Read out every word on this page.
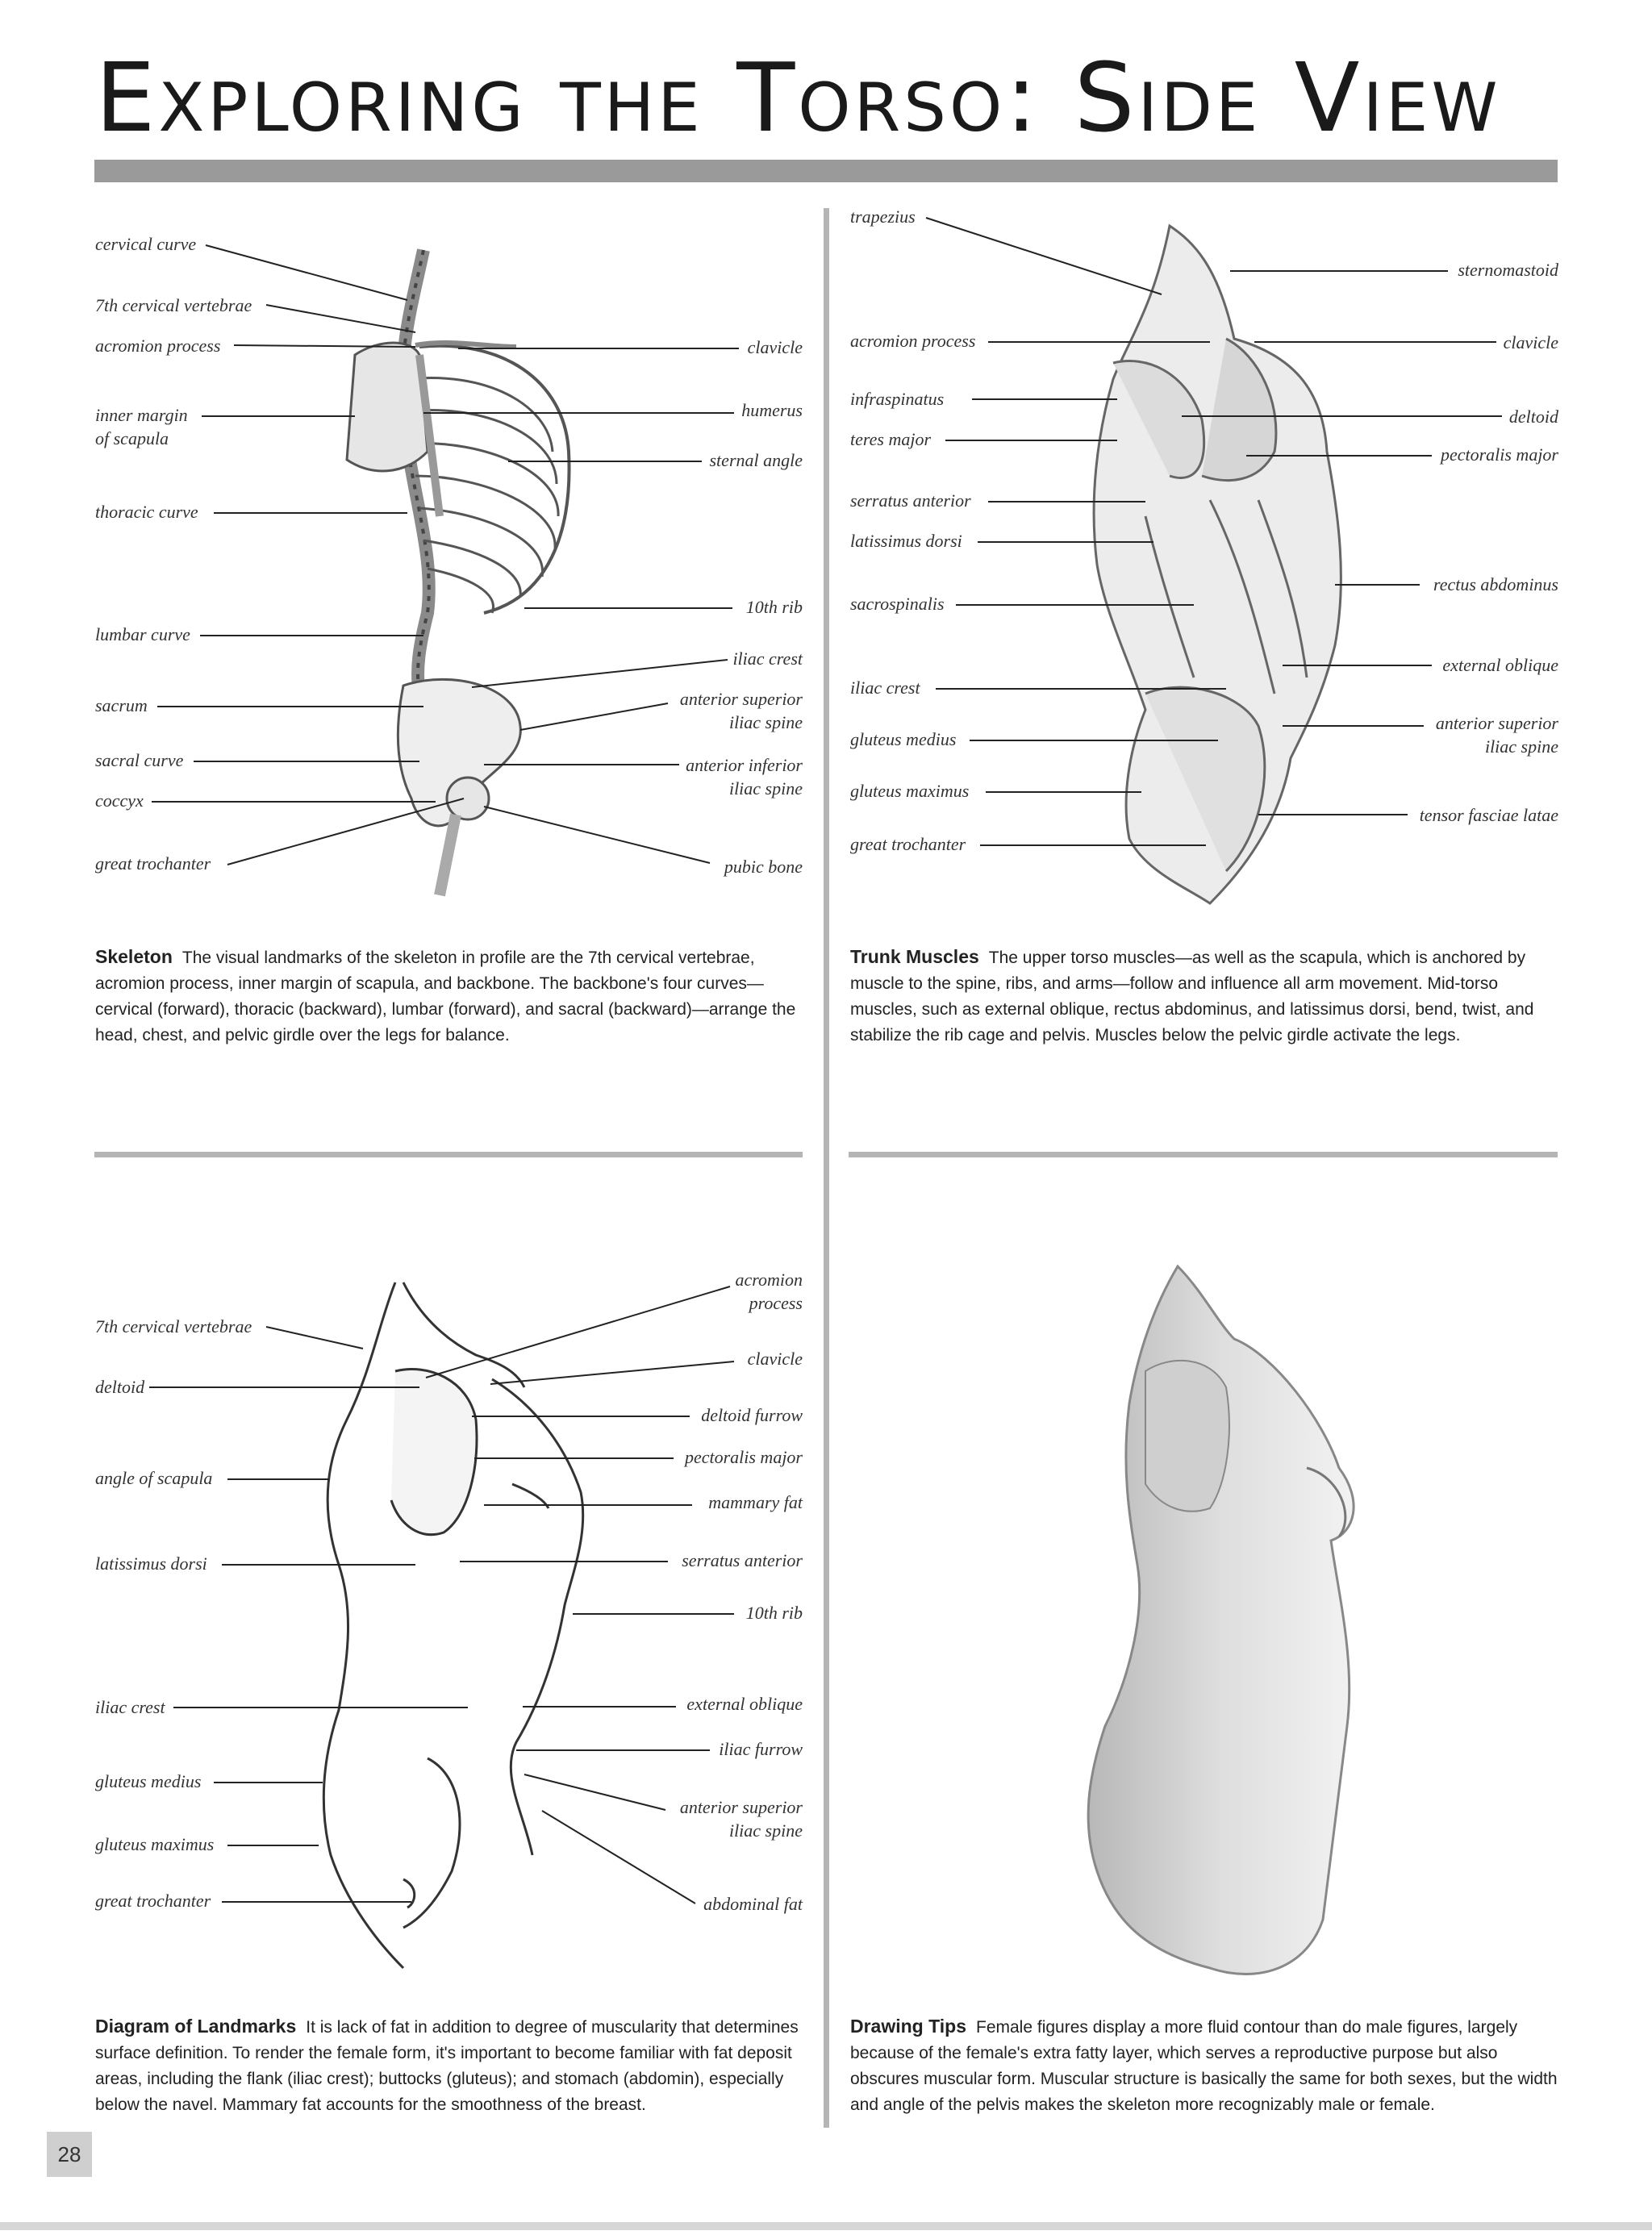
Exploring the Torso: Side View
cervical curve
7th cervical vertebrae
acromion process
inner margin of scapula
thoracic curve
lumbar curve
sacrum
sacral curve
coccyx
great trochanter
clavicle
humerus
sternal angle
10th rib
iliac crest
anterior superior iliac spine
anterior inferior iliac spine
pubic bone
Skeleton The visual landmarks of the skeleton in profile are the 7th cervical vertebrae, acromion process, inner margin of scapula, and backbone. The backbone's four curves—cervical (forward), thoracic (backward), lumbar (forward), and sacral (backward)—arrange the head, chest, and pelvic girdle over the legs for balance.
trapezius
acromion process
infraspinatus
teres major
serratus anterior
latissimus dorsi
sacrospinalis
iliac crest
gluteus medius
gluteus maximus
great trochanter
sternomastoid
clavicle
deltoid
pectoralis major
rectus abdominus
external oblique
anterior superior iliac spine
tensor fasciae latae
Trunk Muscles The upper torso muscles—as well as the scapula, which is anchored by muscle to the spine, ribs, and arms—follow and influence all arm movement. Mid-torso muscles, such as external oblique, rectus abdominus, and latissimus dorsi, bend, twist, and stabilize the rib cage and pelvis. Muscles below the pelvic girdle activate the legs.
7th cervical vertebrae
deltoid
angle of scapula
latissimus dorsi
iliac crest
gluteus medius
gluteus maximus
great trochanter
acromion process
clavicle
deltoid furrow
pectoralis major
mammary fat
serratus anterior
10th rib
external oblique
iliac furrow
anterior superior iliac spine
abdominal fat
Diagram of Landmarks It is lack of fat in addition to degree of muscularity that determines surface definition. To render the female form, it's important to become familiar with fat deposit areas, including the flank (iliac crest); buttocks (gluteus); and stomach (abdomin), especially below the navel. Mammary fat accounts for the smoothness of the breast.
Drawing Tips Female figures display a more fluid contour than do male figures, largely because of the female's extra fatty layer, which serves a reproductive purpose but also obscures muscular form. Muscular structure is basically the same for both sexes, but the width and angle of the pelvis makes the skeleton more recognizably male or female.
28
